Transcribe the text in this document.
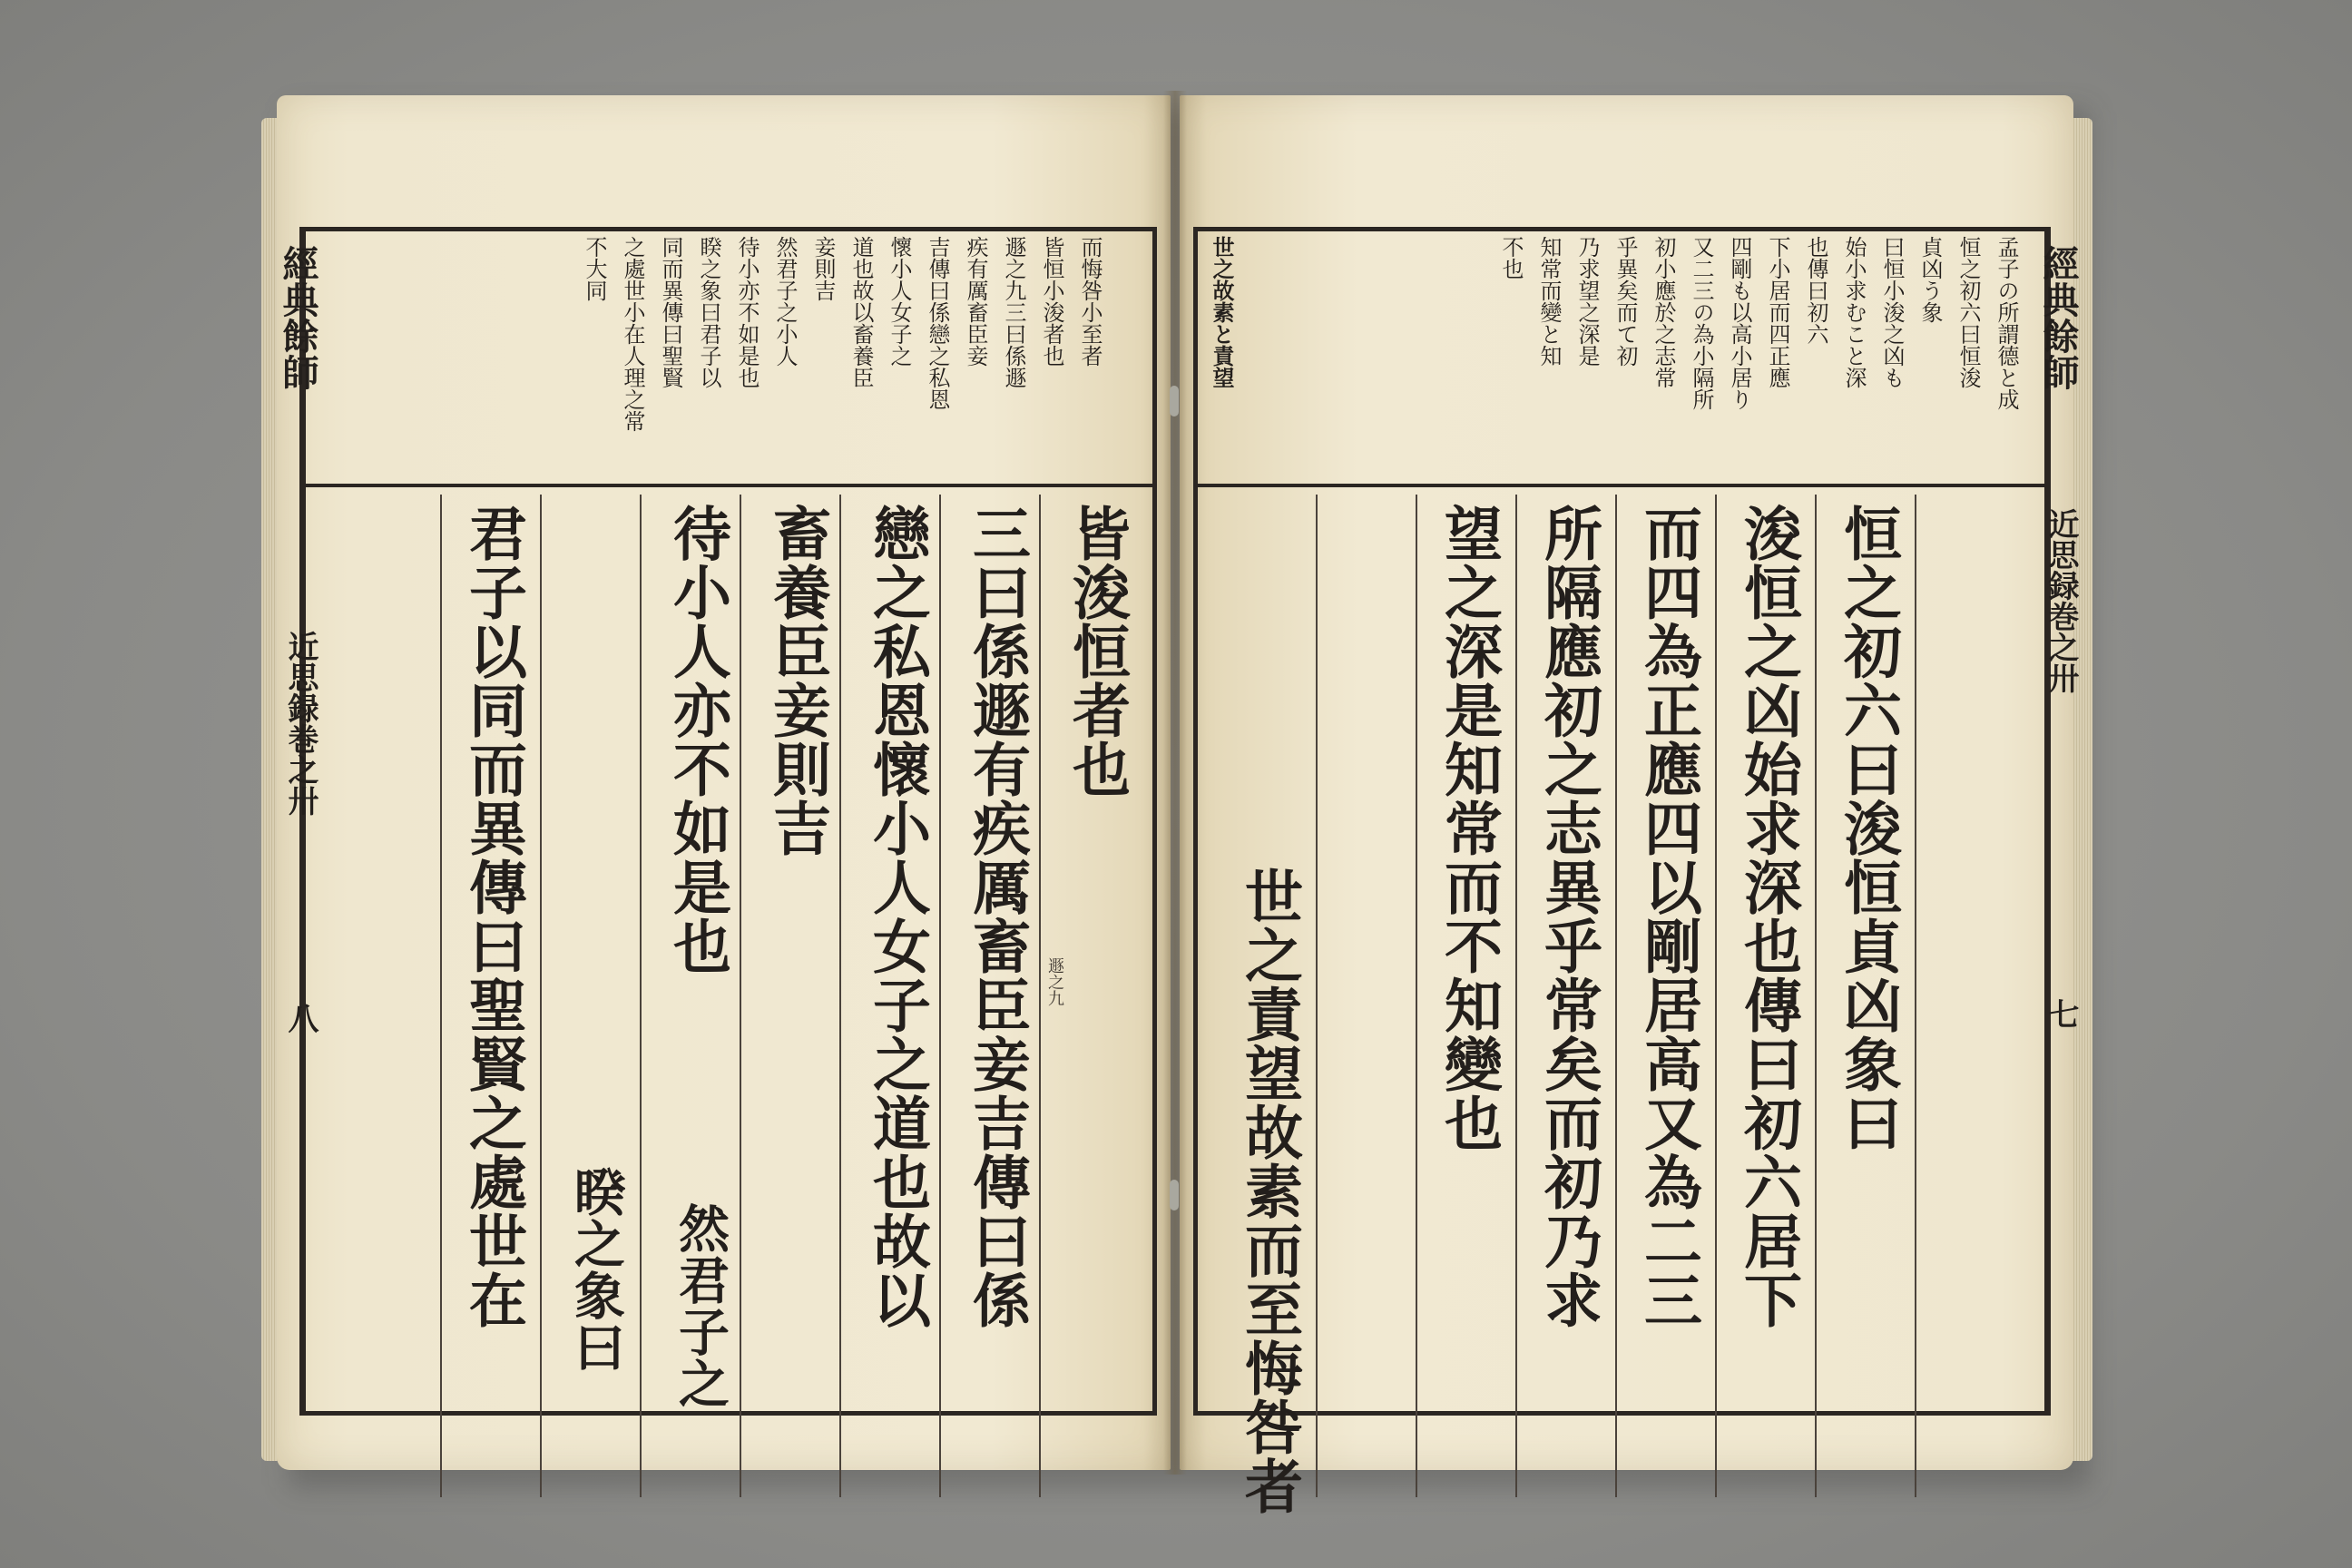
經典餘師
近思録巻之卅
八
而悔咎小至者
皆恒小浚者也
遯之九三曰係遯
疾有厲畜臣妾
吉傳曰係戀之私恩
懷小人女子之
道也故以畜養臣
妾則吉
然君子之小人
待小亦不如是也
睽之象曰君子以
同而異傳曰聖賢
之處世小在人理之常
不大同
皆浚恒者也
遯之九
三曰係遯有疾厲畜臣妾吉傳曰係
戀之私恩懷小人女子之道也故以
畜養臣妾則吉
待小人亦不如是也
然君子之
君子以同而異傳曰聖賢之處世在 睽之象曰
經典餘師
近思録巻之卅
七
孟子の所謂德と成
恒之初六曰恒浚
貞凶う象
曰恒小浚之凶も
始小求むこと深
也傳曰初六
下小居而四正應
四剛も以高小居り
又二三の為小隔所
初小應於之志常
乎異矣而て初
乃求望之深是
知常而變と知
不也
世之故素と責望
恒之初六曰浚恒貞凶象曰
浚恒之凶始求深也傳曰初六居下
而四為正應四以剛居高又為二三
所隔應初之志異乎常矣而初乃求
望之深是知常而不知變也
世之責望故素而至悔咎者
